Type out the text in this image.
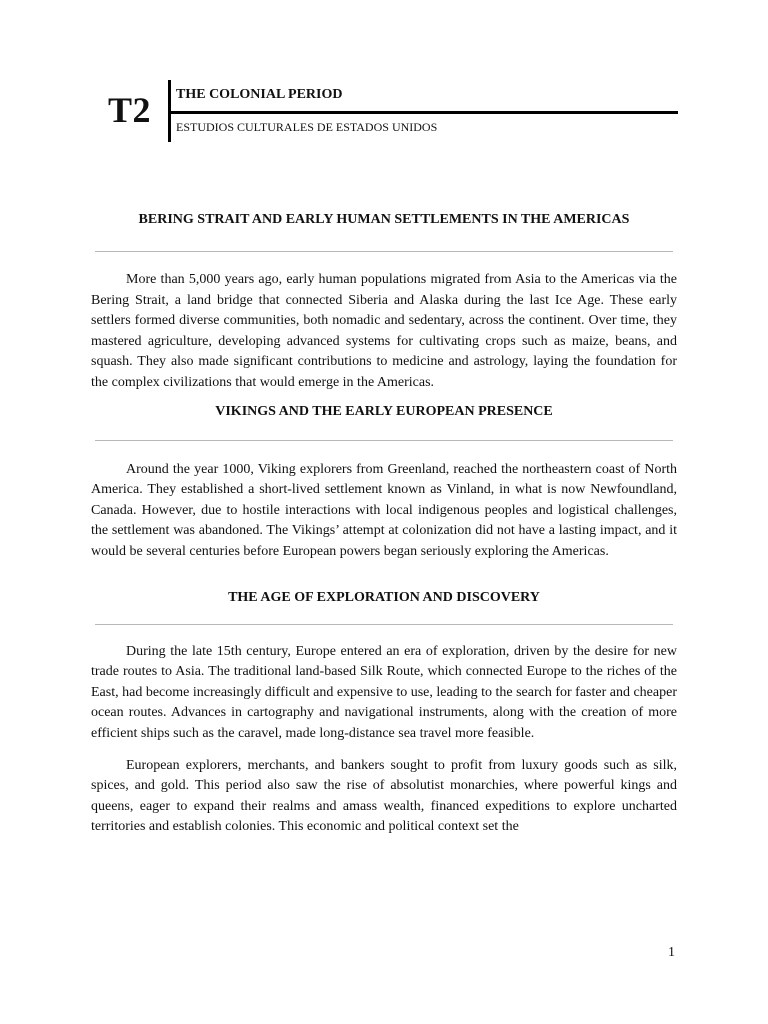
T2 THE COLONIAL PERIOD
ESTUDIOS CULTURALES DE ESTADOS UNIDOS
BERING STRAIT AND EARLY HUMAN SETTLEMENTS IN THE AMERICAS

More than 5,000 years ago, early human populations migrated from Asia to the Americas via the Bering Strait, a land bridge that connected Siberia and Alaska during the last Ice Age. These early settlers formed diverse communities, both nomadic and sedentary, across the continent. Over time, they mastered agriculture, developing advanced systems for cultivating crops such as maize, beans, and squash. They also made significant contributions to medicine and astrology, laying the foundation for the complex civilizations that would emerge in the Americas.

VIKINGS AND THE EARLY EUROPEAN PRESENCE

Around the year 1000, Viking explorers from Greenland, reached the northeastern coast of North America. They established a short-lived settlement known as Vinland, in what is now Newfoundland, Canada. However, due to hostile interactions with local indigenous peoples and logistical challenges, the settlement was abandoned. The Vikings’ attempt at colonization did not have a lasting impact, and it would be several centuries before European powers began seriously exploring the Americas.

THE AGE OF EXPLORATION AND DISCOVERY

During the late 15th century, Europe entered an era of exploration, driven by the desire for new trade routes to Asia. The traditional land-based Silk Route, which connected Europe to the riches of the East, had become increasingly difficult and expensive to use, leading to the search for faster and cheaper ocean routes. Advances in cartography and navigational instruments, along with the creation of more efficient ships such as the caravel, made long-distance sea travel more feasible.

European explorers, merchants, and bankers sought to profit from luxury goods such as silk, spices, and gold. This period also saw the rise of absolutist monarchies, where powerful kings and queens, eager to expand their realms and amass wealth, financed expeditions to explore uncharted territories and establish colonies. This economic and political context set the

1
